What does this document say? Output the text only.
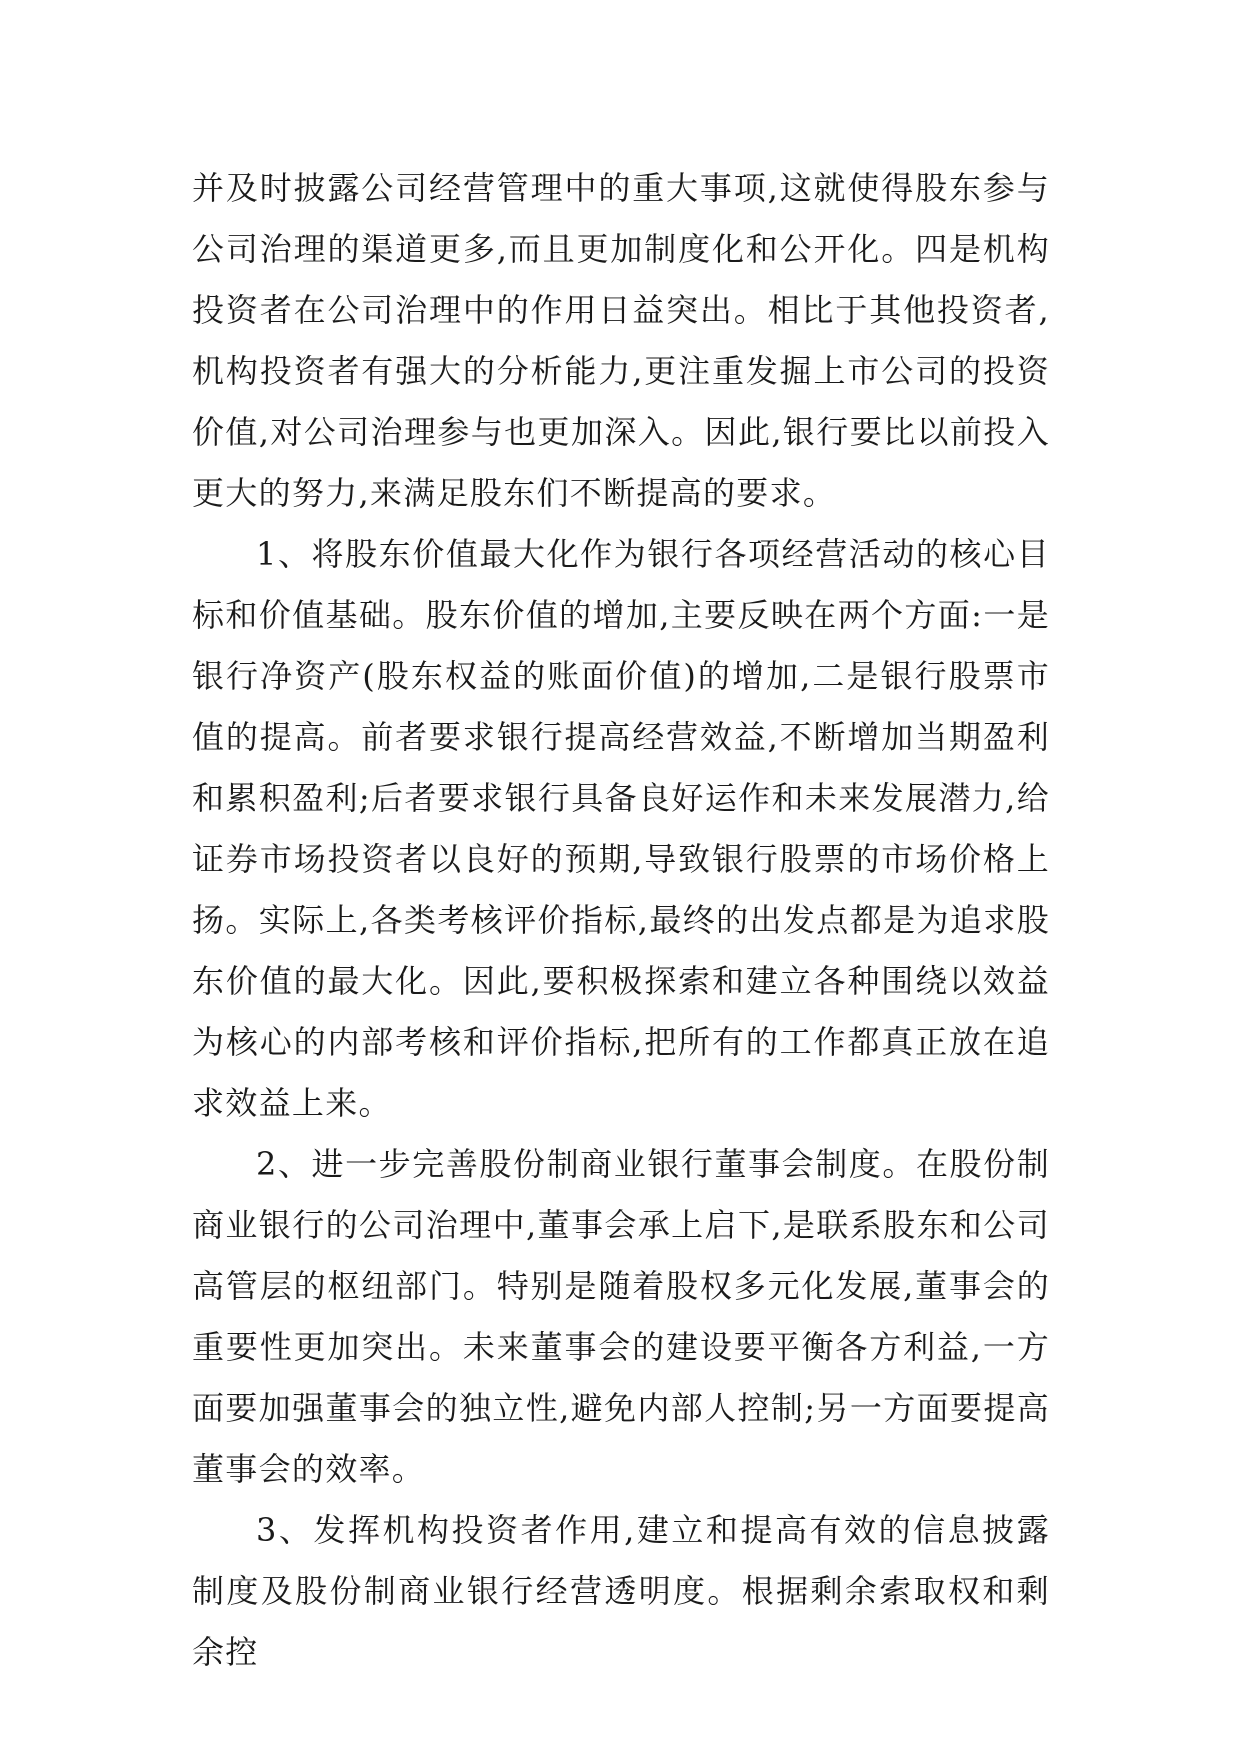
并及时披露公司经营管理中的重大事项,这就使得股东参与公司治理的渠道更多,而且更加制度化和公开化。四是机构投资者在公司治理中的作用日益突出。相比于其他投资者,机构投资者有强大的分析能力,更注重发掘上市公司的投资价值,对公司治理参与也更加深入。因此,银行要比以前投入更大的努力,来满足股东们不断提高的要求。

1、将股东价值最大化作为银行各项经营活动的核心目标和价值基础。股东价值的增加,主要反映在两个方面:一是银行净资产(股东权益的账面价值)的增加,二是银行股票市值的提高。前者要求银行提高经营效益,不断增加当期盈利和累积盈利;后者要求银行具备良好运作和未来发展潜力,给证券市场投资者以良好的预期,导致银行股票的市场价格上扬。实际上,各类考核评价指标,最终的出发点都是为追求股东价值的最大化。因此,要积极探索和建立各种围绕以效益为核心的内部考核和评价指标,把所有的工作都真正放在追求效益上来。

2、进一步完善股份制商业银行董事会制度。在股份制商业银行的公司治理中,董事会承上启下,是联系股东和公司高管层的枢纽部门。特别是随着股权多元化发展,董事会的重要性更加突出。未来董事会的建设要平衡各方利益,一方面要加强董事会的独立性,避免内部人控制;另一方面要提高董事会的效率。

3、发挥机构投资者作用,建立和提高有效的信息披露制度及股份制商业银行经营透明度。根据剩余索取权和剩余控
